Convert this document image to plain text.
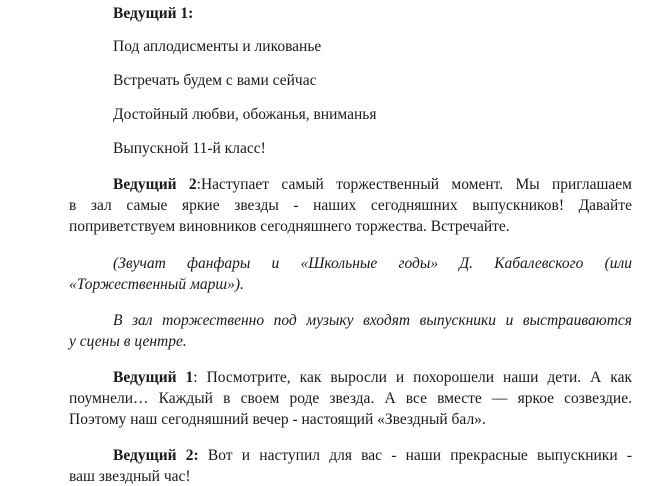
Ведущий 1:
Под аплодисменты и ликованье
Встречать будем с вами сейчас
Достойный любви, обожанья, вниманья
Выпускной 11-й класс!
Ведущий 2:Наступает самый торжественный момент. Мы приглашаем
в зал самые яркие звезды - наших сегодняшних выпускников! Давайте
поприветствуем виновников сегодняшнего торжества. Встречайте.
(Звучат фанфары и «Школьные годы» Д. Кабалевского (или
«Торжественный марш»).
В зал торжественно под музыку входят выпускники и выстраиваются
у сцены в центре.
Ведущий 1: Посмотрите, как выросли и похорошели наши дети. А как
поумнели… Каждый в своем роде звезда. А все вместе — яркое созвездие.
Поэтому наш сегодняшний вечер - настоящий «Звездный бал».
Ведущий 2: Вот и наступил для вас - наши прекрасные выпускники -
ваш звездный час!
